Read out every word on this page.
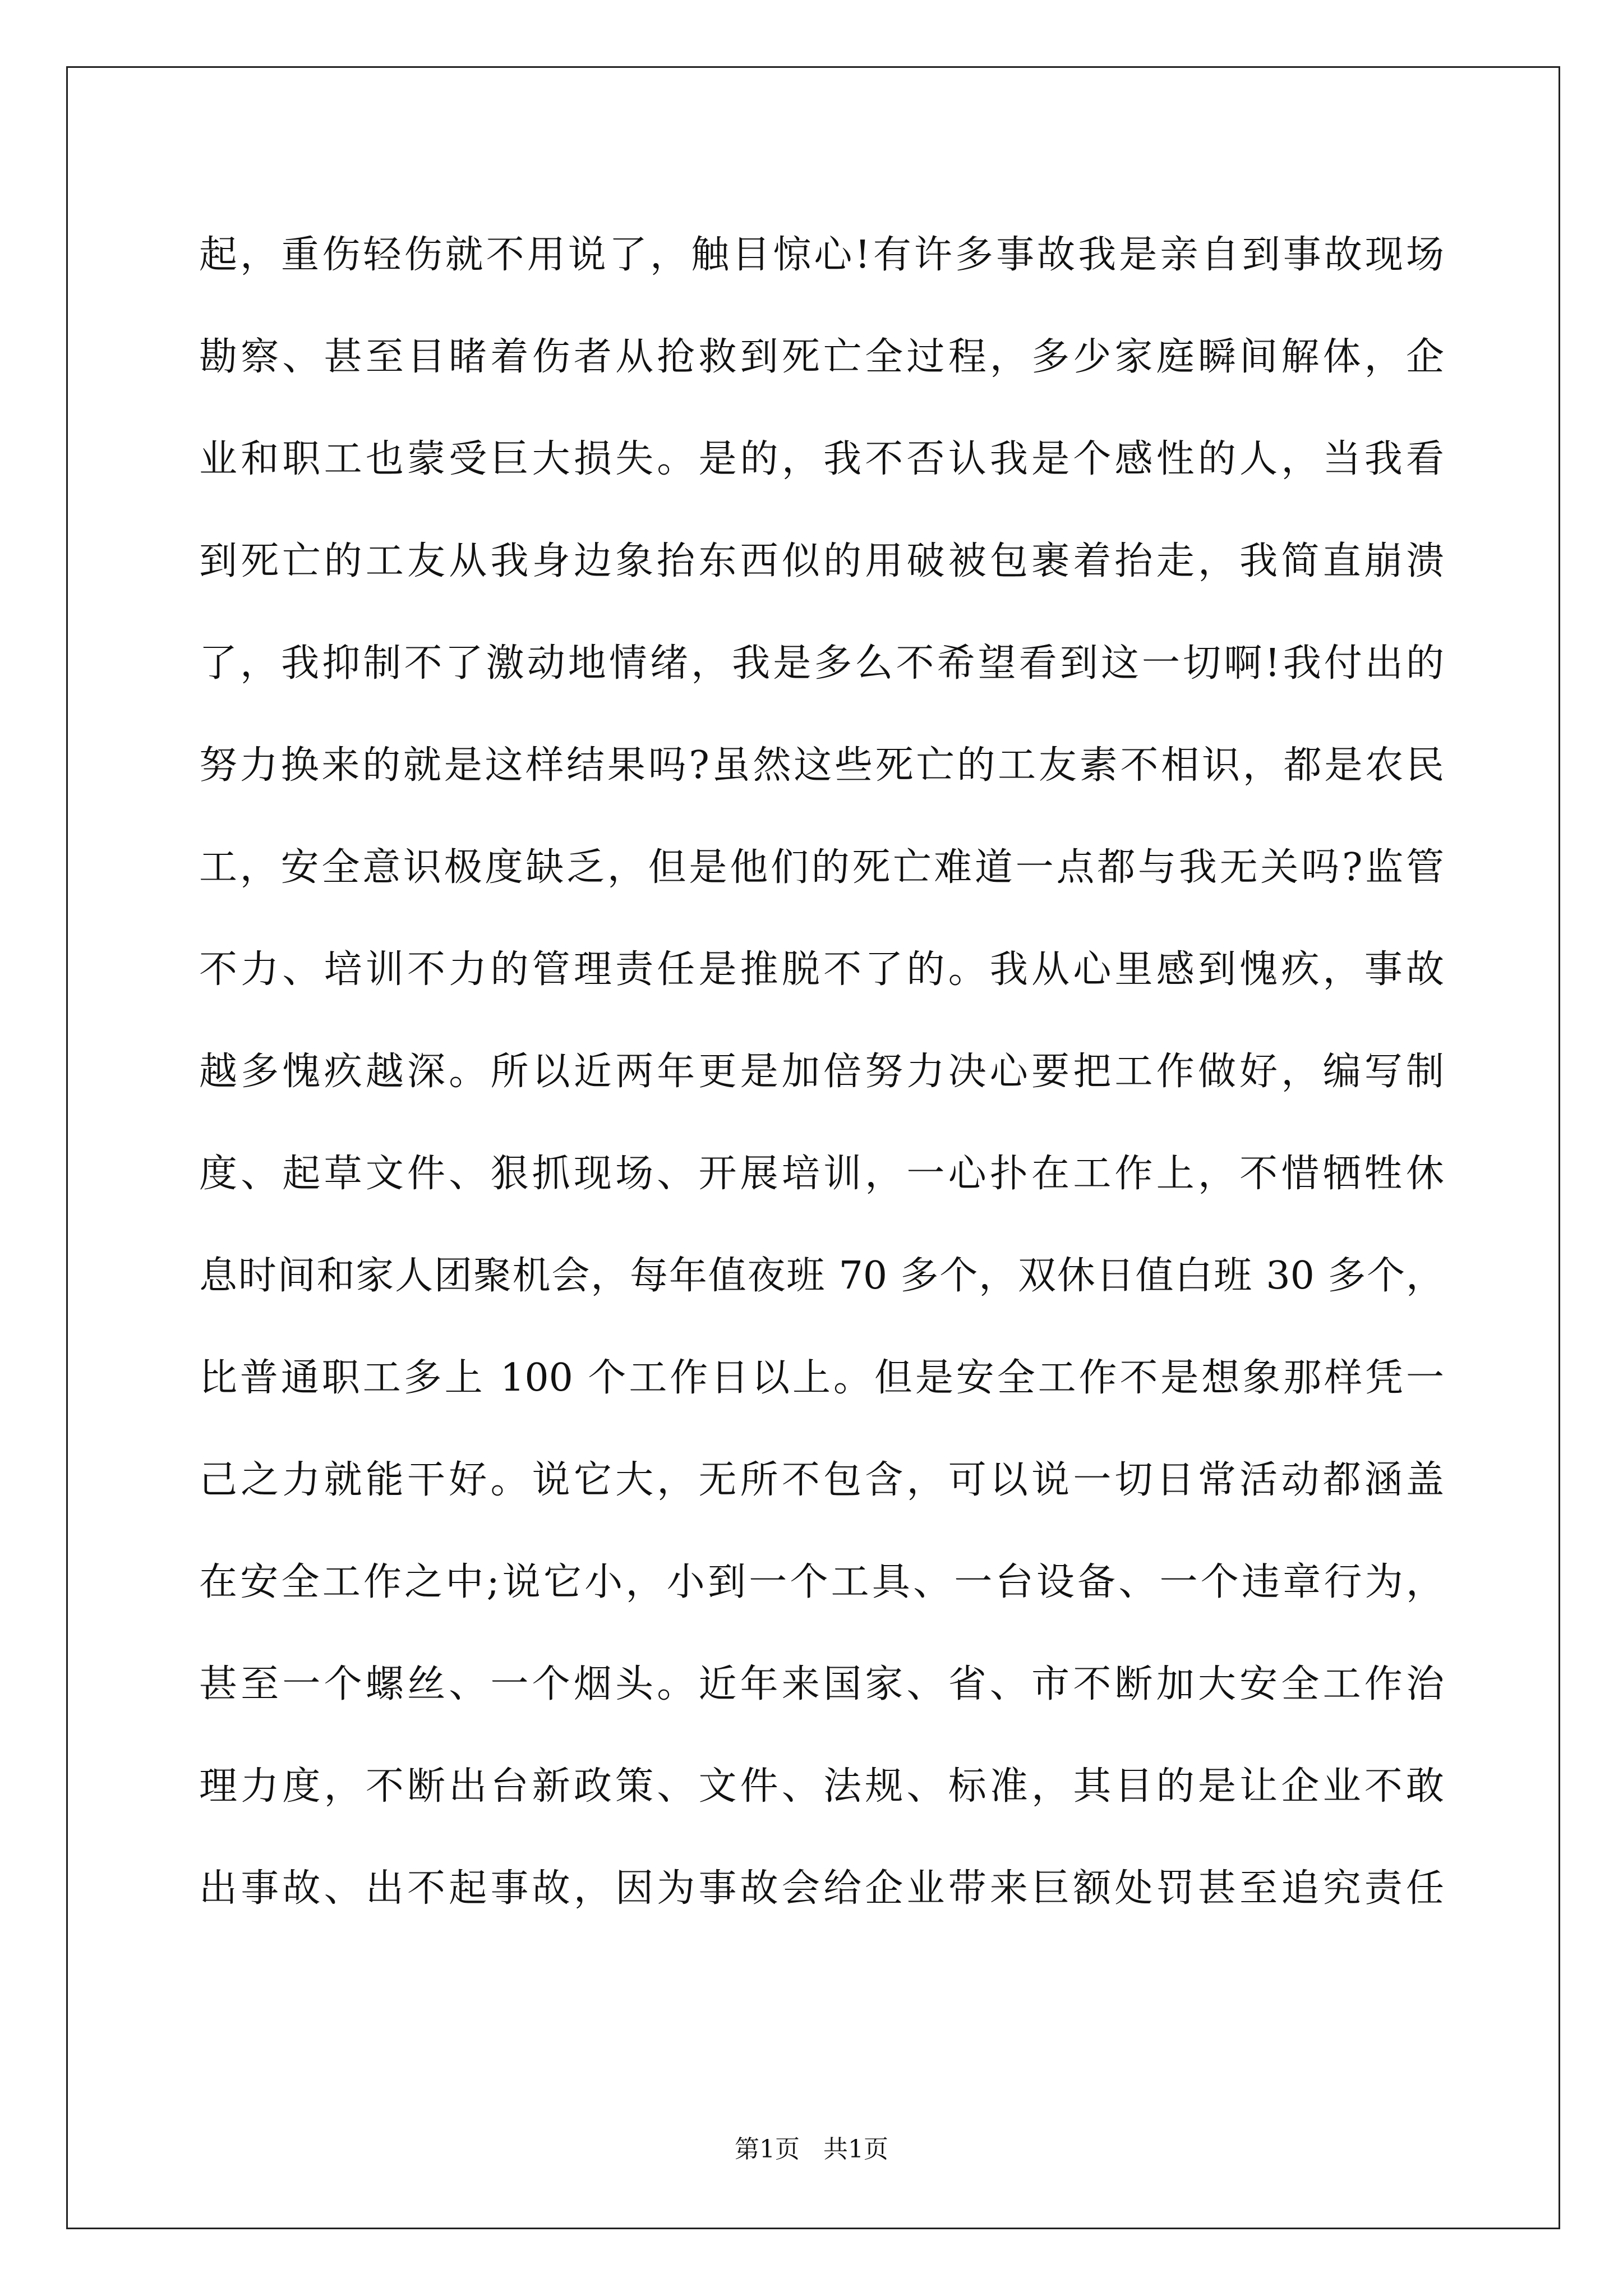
起，重伤轻伤就不用说了，触目惊心!有许多事故我是亲自到事故现场
勘察、甚至目睹着伤者从抢救到死亡全过程，多少家庭瞬间解体，企
业和职工也蒙受巨大损失。是的，我不否认我是个感性的人，当我看
到死亡的工友从我身边象抬东西似的用破被包裹着抬走，我简直崩溃
了，我抑制不了激动地情绪，我是多么不希望看到这一切啊!我付出的
努力换来的就是这样结果吗?虽然这些死亡的工友素不相识，都是农民
工，安全意识极度缺乏，但是他们的死亡难道一点都与我无关吗?监管
不力、培训不力的管理责任是推脱不了的。我从心里感到愧疚，事故
越多愧疚越深。所以近两年更是加倍努力决心要把工作做好，编写制
度、起草文件、狠抓现场、开展培训，一心扑在工作上，不惜牺牲休
息时间和家人团聚机会，每年值夜班 70 多个，双休日值白班 30 多个，
比普通职工多上 100 个工作日以上。但是安全工作不是想象那样凭一
己之力就能干好。说它大，无所不包含，可以说一切日常活动都涵盖
在安全工作之中;说它小，小到一个工具、一台设备、一个违章行为，
甚至一个螺丝、一个烟头。近年来国家、省、市不断加大安全工作治
理力度，不断出台新政策、文件、法规、标准，其目的是让企业不敢
出事故、出不起事故，因为事故会给企业带来巨额处罚甚至追究责任
第1页   共1页
